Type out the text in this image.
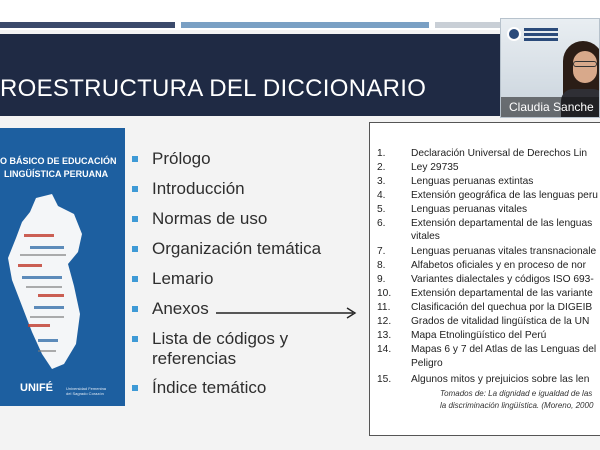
ROESTRUCTURA DEL DICCIONARIO
O BÁSICO DE EDUCACIÓN
LINGÜÍSTICA PERUANA
UNIFÉ	Universidad Femenina
del Sagrado Corazón
Prólogo
Introducción
Normas de uso
Organización temática
Lemario
Anexos
Lista de códigos y
referencias
Índice temático
1.	Declaración Universal de Derechos Lin
2.	Ley 29735
3.	Lenguas peruanas extintas
4.	Extensión geográfica de las lenguas peru
5.	Lenguas peruanas vitales
6.	Extensión departamental de las lenguas
vitales
7.	Lenguas peruanas vitales transnacionale
8.	Alfabetos oficiales y en proceso de nor
9.	Variantes dialectales y códigos ISO 693-
10. Extensión departamental de las variante
11. Clasificación del quechua por la DIGEIB
12. Grados de vitalidad lingüística de la UN
13. Mapa Etnolingüístico del Perú
14. Mapas 6 y 7 del Atlas de las Lenguas del
Peligro
15. Algunos mitos y prejuicios sobre las len
Tomados de: La dignidad e igualdad de las
la discriminación lingüística. (Moreno, 2000
Claudia Sanche
